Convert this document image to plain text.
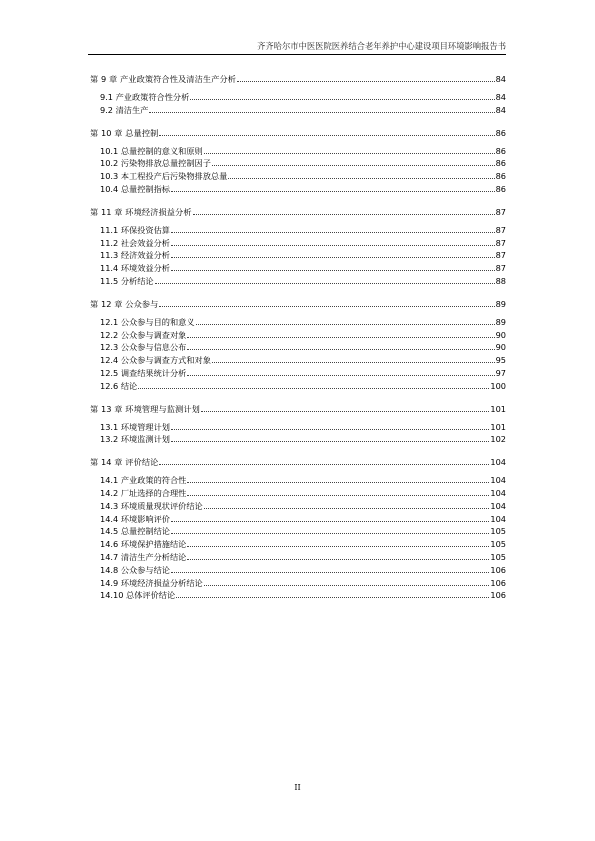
齐齐哈尔市中医医院医养结合老年养护中心建设项目环境影响报告书
第 9 章 产业政策符合性及清洁生产分析	84
9.1 产业政策符合性分析	84
9.2 清洁生产	84
第 10 章 总量控制	86
10.1 总量控制的意义和原则	86
10.2 污染物排放总量控制因子	86
10.3 本工程投产后污染物排放总量	86
10.4 总量控制指标	86
第 11 章 环境经济损益分析	87
11.1 环保投资估算	87
11.2 社会效益分析	87
11.3 经济效益分析	87
11.4 环境效益分析	87
11.5 分析结论	88
第 12 章 公众参与	89
12.1 公众参与目的和意义	89
12.2 公众参与调查对象	90
12.3 公众参与信息公布	90
12.4 公众参与调查方式和对象	95
12.5 调查结果统计分析	97
12.6 结论	100
第 13 章 环境管理与监测计划	101
13.1 环境管理计划	101
13.2 环境监测计划	102
第 14 章 评价结论	104
14.1 产业政策的符合性	104
14.2 厂址选择的合理性	104
14.3 环境质量现状评价结论	104
14.4 环境影响评价	104
14.5 总量控制结论	105
14.6 环境保护措施结论	105
14.7 清洁生产分析结论	105
14.8 公众参与结论	106
14.9 环境经济损益分析结论	106
14.10 总体评价结论	106
II
